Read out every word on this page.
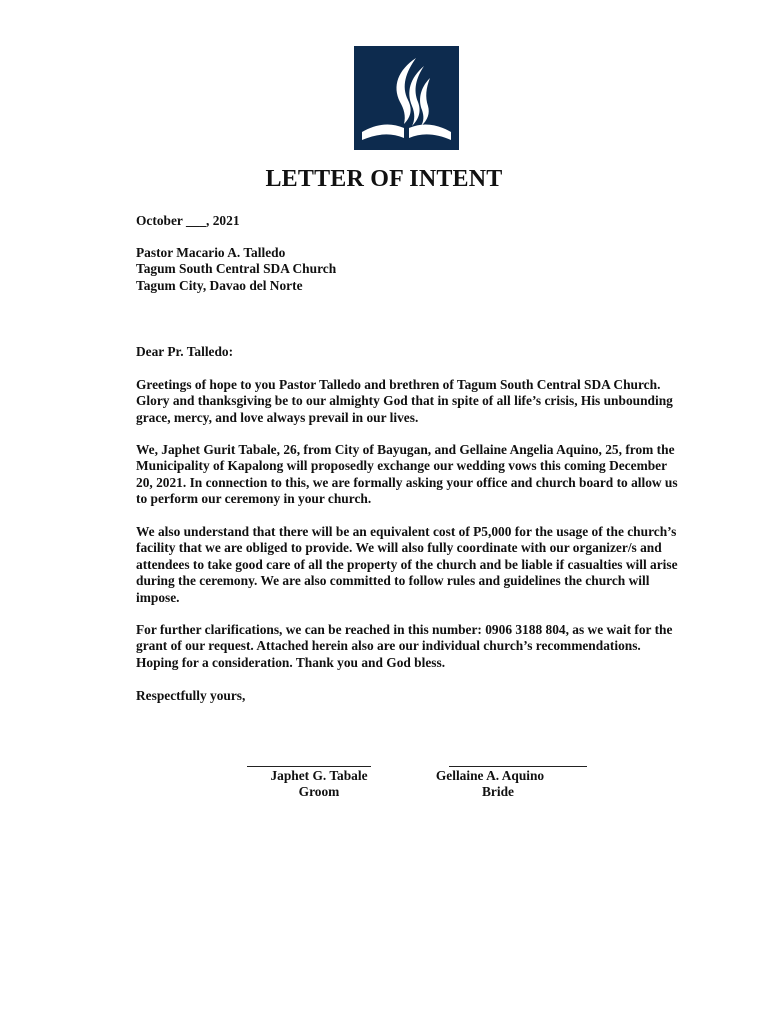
LETTER OF INTENT

October ___, 2021

Pastor Macario A. Talledo
Tagum South Central SDA Church
Tagum City, Davao del Norte

Dear Pr. Talledo:

Greetings of hope to you Pastor Talledo and brethren of Tagum South Central SDA Church. Glory and thanksgiving be to our almighty God that in spite of all life’s crisis, His unbounding grace, mercy, and love always prevail in our lives.

We, Japhet Gurit Tabale, 26, from City of Bayugan, and Gellaine Angelia Aquino, 25, from the Municipality of Kapalong will proposedly exchange our wedding vows this coming December 20, 2021. In connection to this, we are formally asking your office and church board to allow us to perform our ceremony in your church.

We also understand that there will be an equivalent cost of P5,000 for the usage of the church’s facility that we are obliged to provide. We will also fully coordinate with our organizer/s and attendees to take good care of all the property of the church and be liable if casualties will arise during the ceremony. We are also committed to follow rules and guidelines the church will impose.

For further clarifications, we can be reached in this number: 0906 3188 804, as we wait for the grant of our request. Attached herein also are our individual church’s recommendations. Hoping for a consideration. Thank you and God bless.

Respectfully yours,

Japhet G. Tabale
Groom
Gellaine A. Aquino
Bride
